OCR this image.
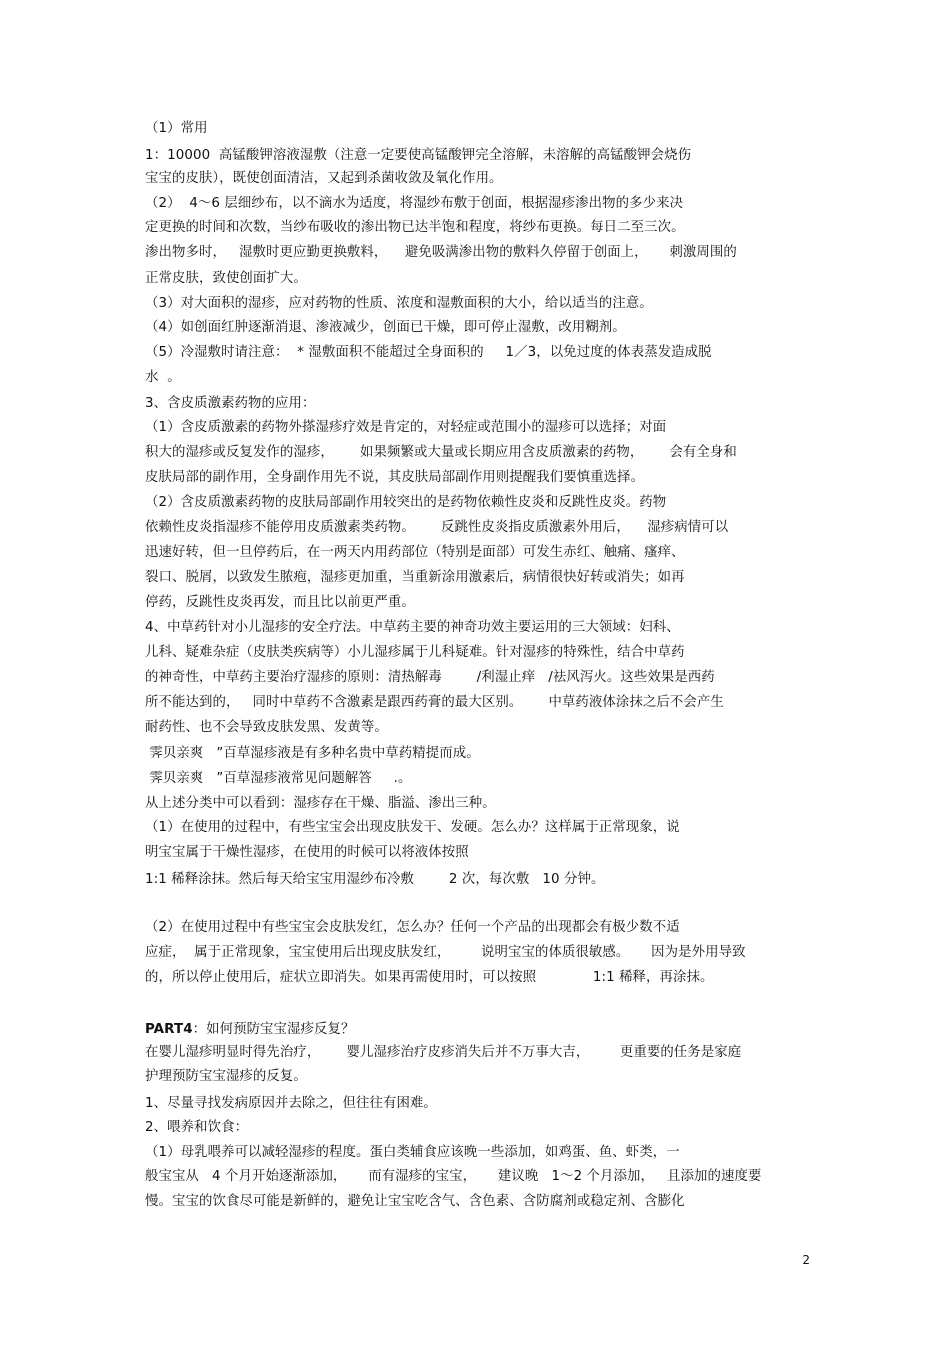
（1）常用

1：10000  高锰酸钾溶液湿敷（注意一定要使高锰酸钾完全溶解，未溶解的高锰酸钾会烧伤

宝宝的皮肤），既使创面清洁，又起到杀菌收敛及氧化作用。

（2）  4～6 层细纱布，以不滴水为适度，将湿纱布敷于创面，根据湿疹渗出物的多少来决

定更换的时间和次数，当纱布吸收的渗出物已达半饱和程度，将纱布更换。每日二至三次。

渗出物多时，   湿敷时更应勤更换敷料，    避免吸满渗出物的敷料久停留于创面上，     刺激周围的

正常皮肤，致使创面扩大。

（3）对大面积的湿疹，应对药物的性质、浓度和湿敷面积的大小，给以适当的注意。

（4）如创面红肿逐渐消退、渗液减少，创面已干燥，即可停止湿敷，改用糊剂。

（5）冷湿敷时请注意：  * 湿敷面积不能超过全身面积的     1／3，以免过度的体表蒸发造成脱

水  。

3、含皮质激素药物的应用：

（1）含皮质激素的药物外搽湿疹疗效是肯定的，对轻症或范围小的湿疹可以选择；对面

积大的湿疹或反复发作的湿疹，      如果频繁或大量或长期应用含皮质激素的药物，      会有全身和

皮肤局部的副作用，全身副作用先不说，其皮肤局部副作用则提醒我们要慎重选择。

（2）含皮质激素药物的皮肤局部副作用较突出的是药物依赖性皮炎和反跳性皮炎。药物

依赖性皮炎指湿疹不能停用皮质激素类药物。      反跳性皮炎指皮质激素外用后，    湿疹病情可以

迅速好转，但一旦停药后，在一两天内用药部位（特别是面部）可发生赤红、触痛、瘙痒、

裂口、脱屑，以致发生脓疱，湿疹更加重，当重新涂用激素后，病情很快好转或消失；如再

停药，反跳性皮炎再发，而且比以前更严重。

4、中草药针对小儿湿疹的安全疗法。中草药主要的神奇功效主要运用的三大领域：妇科、

儿科、疑难杂症（皮肤类疾病等）小儿湿疹属于儿科疑难。针对湿疹的特殊性，结合中草药

的神奇性，中草药主要治疗湿疹的原则：清热解毒        /利湿止痒   /祛风泻火。这些效果是西药

所不能达到的，   同时中草药不含激素是跟西药膏的最大区别。      中草药液体涂抹之后不会产生

耐药性、也不会导致皮肤发黑、发黄等。

霁贝亲爽   ”百草湿疹液是有多种名贵中草药精提而成。

霁贝亲爽   ”百草湿疹液常见问题解答     .。

从上述分类中可以看到：湿疹存在干燥、脂溢、渗出三种。

（1）在使用的过程中，有些宝宝会出现皮肤发干、发硬。怎么办？这样属于正常现象，说

明宝宝属于干燥性湿疹，在使用的时候可以将液体按照

1:1 稀释涂抹。然后每天给宝宝用湿纱布冷敷        2 次，每次敷   10 分钟。

（2）在使用过程中有些宝宝会皮肤发红，怎么办？任何一个产品的出现都会有极少数不适

应症，  属于正常现象，宝宝使用后出现皮肤发红，       说明宝宝的体质很敏感。     因为是外用导致

的，所以停止使用后，症状立即消失。如果再需使用时，可以按照             1:1 稀释，再涂抹。

PART4：如何预防宝宝湿疹反复？

在婴儿湿疹明显时得先治疗，      婴儿湿疹治疗皮疹消失后并不万事大吉，       更重要的任务是家庭

护理预防宝宝湿疹的反复。

1、尽量寻找发病原因并去除之，但往往有困难。

2、喂养和饮食：

（1）母乳喂养可以减轻湿疹的程度。蛋白类辅食应该晚一些添加，如鸡蛋、鱼、虾类，一

般宝宝从   4 个月开始逐渐添加，     而有湿疹的宝宝，     建议晚   1～2 个月添加，   且添加的速度要

慢。宝宝的饮食尽可能是新鲜的，避免让宝宝吃含气、含色素、含防腐剂或稳定剂、含膨化

2
